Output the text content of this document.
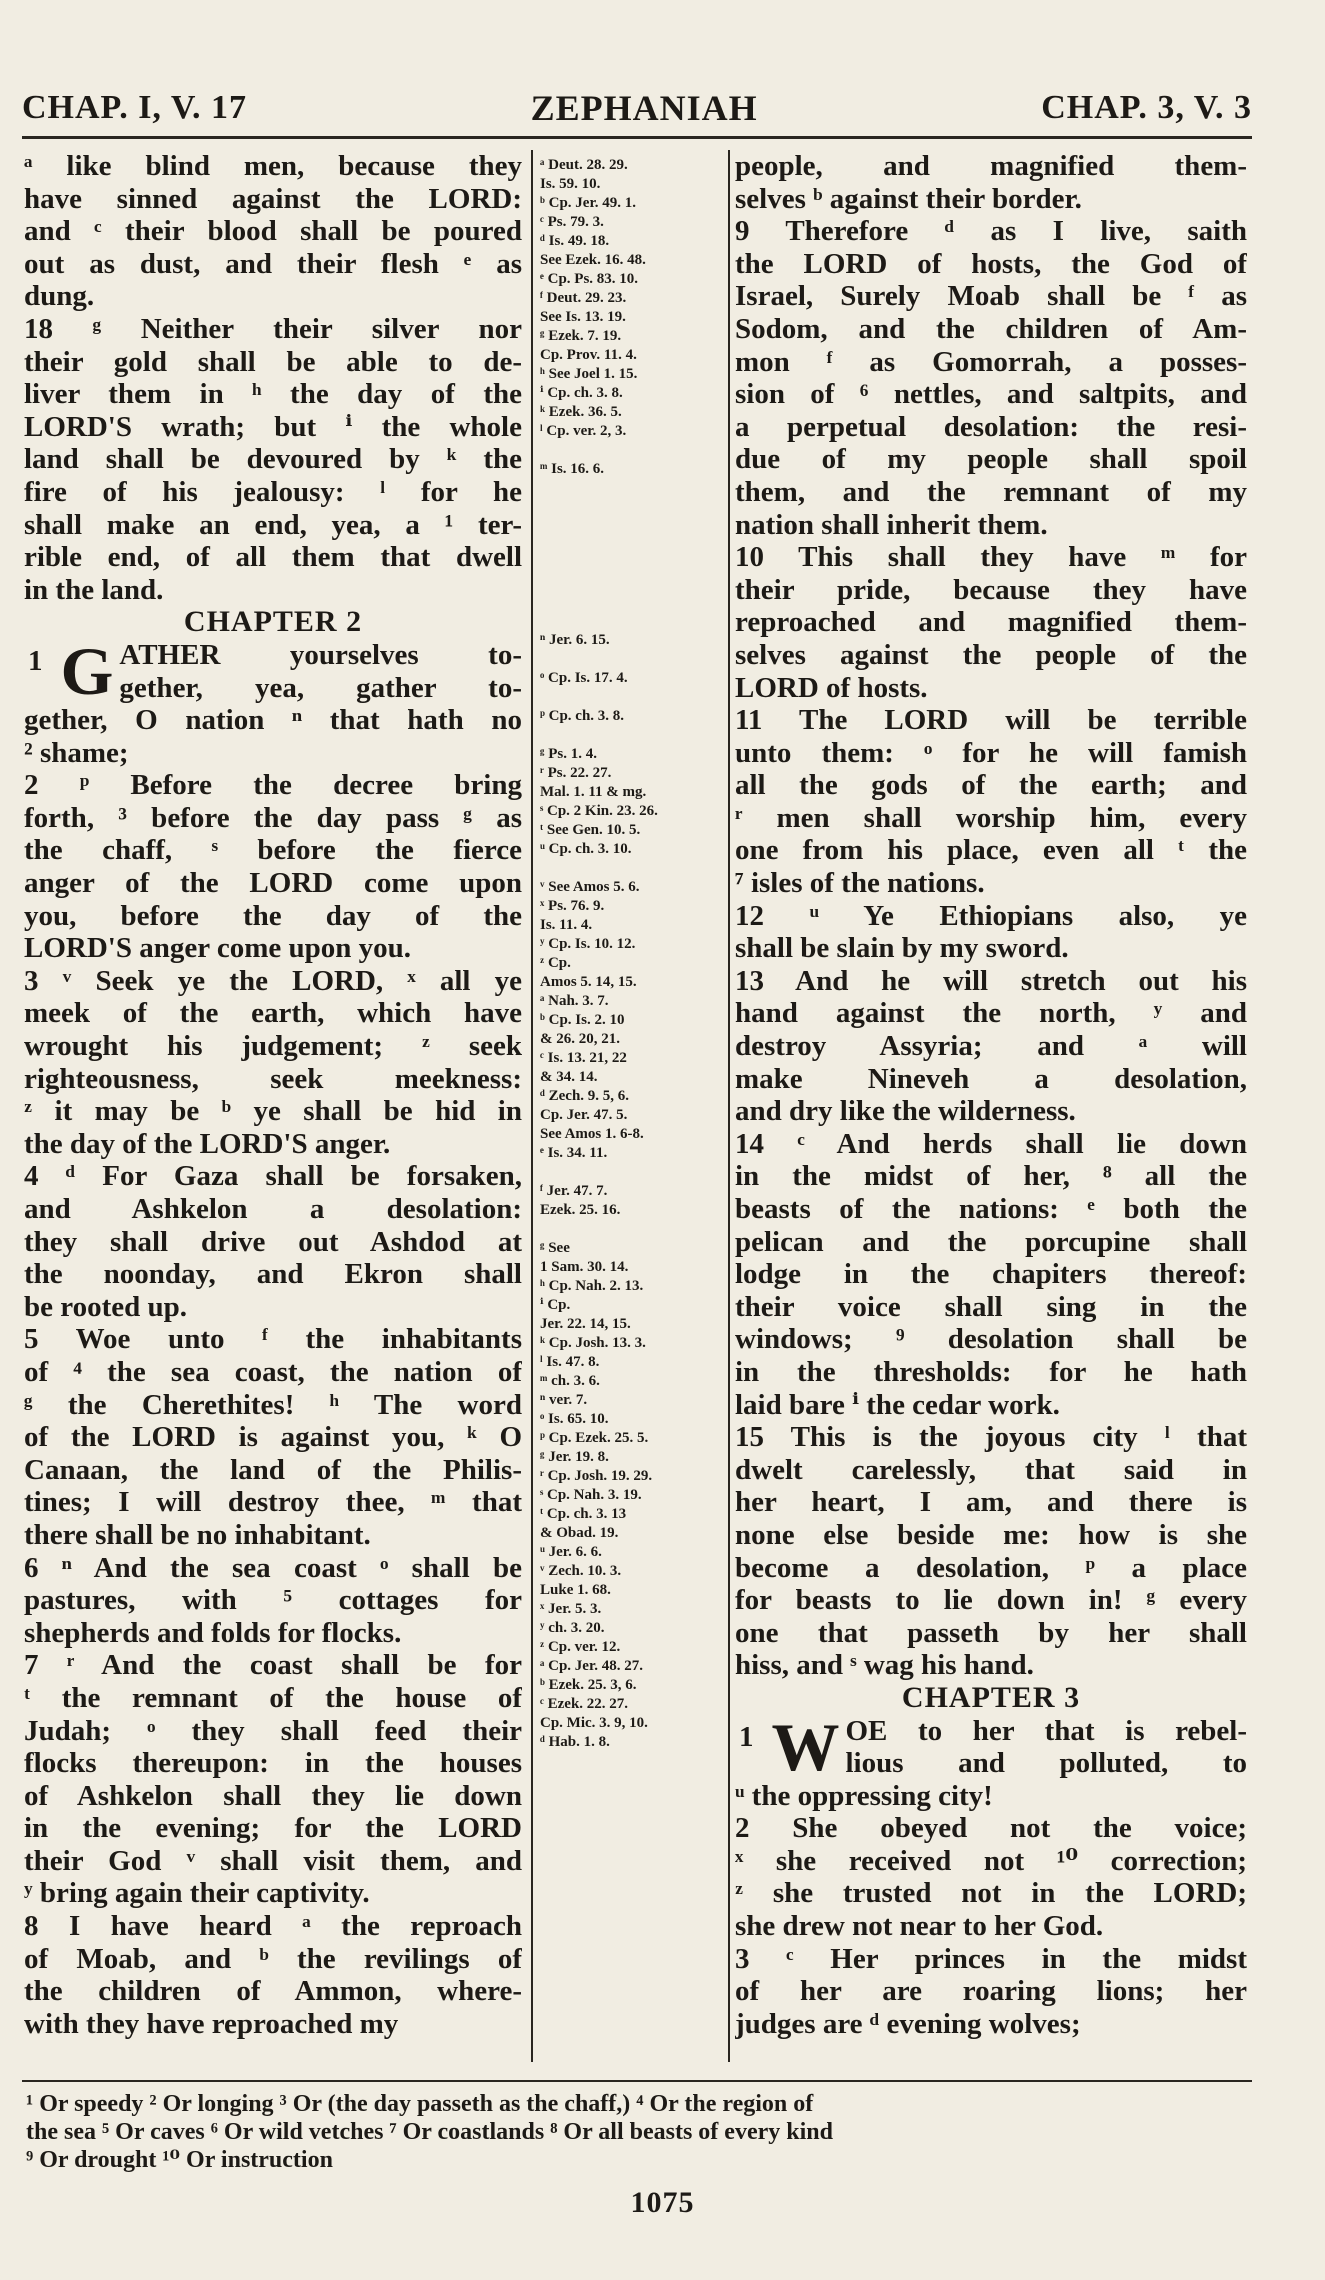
CHAP. I, V. 17	ZEPHANIAH	CHAP. 3, V. 3
ᵃ like blind men, because they
have sinned against the LORD:
and ᶜ their blood shall be poured
out as dust, and their flesh ᵉ as
dung.
18 ᵍ Neither their silver nor
their gold shall be able to de-
liver them in ʰ the day of the
LORD'S wrath; but ⁱ the whole
land shall be devoured by ᵏ the
fire of his jealousy: ˡ for he
shall make an end, yea, a ¹ ter-
rible end, of all them that dwell
in the land.
CHAPTER 2
1 G ATHER yourselves to-
gether, yea, gather to-
gether, O nation ⁿ that hath no
² shame;
2 ᵖ Before the decree bring
forth, ³ before the day pass ᵍ as
the chaff, ˢ before the fierce
anger of the LORD come upon
you, before the day of the
LORD'S anger come upon you.
3 ᵛ Seek ye the LORD, ˣ all ye
meek of the earth, which have
wrought his judgement; ᶻ seek
righteousness, seek meekness:
ᶻ it may be ᵇ ye shall be hid in
the day of the LORD'S anger.
4 ᵈ For Gaza shall be forsaken,
and Ashkelon a desolation:
they shall drive out Ashdod at
the noonday, and Ekron shall
be rooted up.
5 Woe unto ᶠ the inhabitants
of ⁴ the sea coast, the nation of
ᵍ the Cherethites! ʰ The word
of the LORD is against you, ᵏ O
Canaan, the land of the Philis-
tines; I will destroy thee, ᵐ that
there shall be no inhabitant.
6 ⁿ And the sea coast ᵒ shall be
pastures, with ⁵ cottages for
shepherds and folds for flocks.
7 ʳ And the coast shall be for
ᵗ the remnant of the house of
Judah; ᵒ they shall feed their
flocks thereupon: in the houses
of Ashkelon shall they lie down
in the evening; for the LORD
their God ᵛ shall visit them, and
ʸ bring again their captivity.
8 I have heard ᵃ the reproach
of Moab, and ᵇ the revilings of
the children of Ammon, where-
with they have reproached my
ᵃ Deut. 28. 29.
Is. 59. 10.
ᵇ Cp. Jer. 49. 1.
ᶜ Ps. 79. 3.
ᵈ Is. 49. 18.
See Ezek. 16. 48.
ᵉ Cp. Ps. 83. 10.
ᶠ Deut. 29. 23.
See Is. 13. 19.
ᵍ Ezek. 7. 19.
Cp. Prov. 11. 4.
ʰ See Joel 1. 15.
ⁱ Cp. ch. 3. 8.
ᵏ Ezek. 36. 5.
ˡ Cp. ver. 2, 3.
ᵐ Is. 16. 6.
ⁿ Jer. 6. 15.
ᵒ Cp. Is. 17. 4.
ᵖ Cp. ch. 3. 8.
ᵍ Ps. 1. 4.
ʳ Ps. 22. 27.
Mal. 1. 11 & mg.
ˢ Cp. 2 Kin. 23. 26.
ᵗ See Gen. 10. 5.
ᵘ Cp. ch. 3. 10.
ᵛ See Amos 5. 6.
ˣ Ps. 76. 9.
Is. 11. 4.
ʸ Cp. Is. 10. 12.
ᶻ Cp.
Amos 5. 14, 15.
ᵃ Nah. 3. 7.
ᵇ Cp. Is. 2. 10
& 26. 20, 21.
ᶜ Is. 13. 21, 22
& 34. 14.
ᵈ Zech. 9. 5, 6.
Cp. Jer. 47. 5.
See Amos 1. 6-8.
ᵉ Is. 34. 11.
ᶠ Jer. 47. 7.
Ezek. 25. 16.
ᵍ See
1 Sam. 30. 14.
ʰ Cp. Nah. 2. 13.
ⁱ Cp.
Jer. 22. 14, 15.
ᵏ Cp. Josh. 13. 3.
ˡ Is. 47. 8.
ᵐ ch. 3. 6.
ⁿ ver. 7.
ᵒ Is. 65. 10.
ᵖ Cp. Ezek. 25. 5.
ᵍ Jer. 19. 8.
ʳ Cp. Josh. 19. 29.
ˢ Cp. Nah. 3. 19.
ᵗ Cp. ch. 3. 13
& Obad. 19.
ᵘ Jer. 6. 6.
ᵛ Zech. 10. 3.
Luke 1. 68.
ˣ Jer. 5. 3.
ʸ ch. 3. 20.
ᶻ Cp. ver. 12.
ᵃ Cp. Jer. 48. 27.
ᵇ Ezek. 25. 3, 6.
ᶜ Ezek. 22. 27.
Cp. Mic. 3. 9, 10.
ᵈ Hab. 1. 8.
people, and magnified them-
selves ᵇ against their border.
9 Therefore ᵈ as I live, saith
the LORD of hosts, the God of
Israel, Surely Moab shall be ᶠ as
Sodom, and the children of Am-
mon ᶠ as Gomorrah, a posses-
sion of ⁶ nettles, and saltpits, and
a perpetual desolation: the resi-
due of my people shall spoil
them, and the remnant of my
nation shall inherit them.
10 This shall they have ᵐ for
their pride, because they have
reproached and magnified them-
selves against the people of the
LORD of hosts.
11 The LORD will be terrible
unto them: ᵒ for he will famish
all the gods of the earth; and
ʳ men shall worship him, every
one from his place, even all ᵗ the
⁷ isles of the nations.
12 ᵘ Ye Ethiopians also, ye
shall be slain by my sword.
13 And he will stretch out his
hand against the north, ʸ and
destroy Assyria; and ᵃ will
make Nineveh a desolation,
and dry like the wilderness.
14 ᶜ And herds shall lie down
in the midst of her, ⁸ all the
beasts of the nations: ᵉ both the
pelican and the porcupine shall
lodge in the chapiters thereof:
their voice shall sing in the
windows; ⁹ desolation shall be
in the thresholds: for he hath
laid bare ⁱ the cedar work.
15 This is the joyous city ˡ that
dwelt carelessly, that said in
her heart, I am, and there is
none else beside me: how is she
become a desolation, ᵖ a place
for beasts to lie down in! ᵍ every
one that passeth by her shall
hiss, and ˢ wag his hand.
CHAPTER 3
1 W OE to her that is rebel-
lious and polluted, to
ᵘ the oppressing city!
2 She obeyed not the voice;
ˣ she received not ¹⁰ correction;
ᶻ she trusted not in the LORD;
she drew not near to her God.
3 ᶜ Her princes in the midst
of her are roaring lions; her
judges are ᵈ evening wolves;
¹ Or speedy ² Or longing ³ Or (the day passeth as the chaff,) ⁴ Or the region of
the sea ⁵ Or caves ⁶ Or wild vetches ⁷ Or coastlands ⁸ Or all beasts of every kind
⁹ Or drought ¹⁰ Or instruction
1075
